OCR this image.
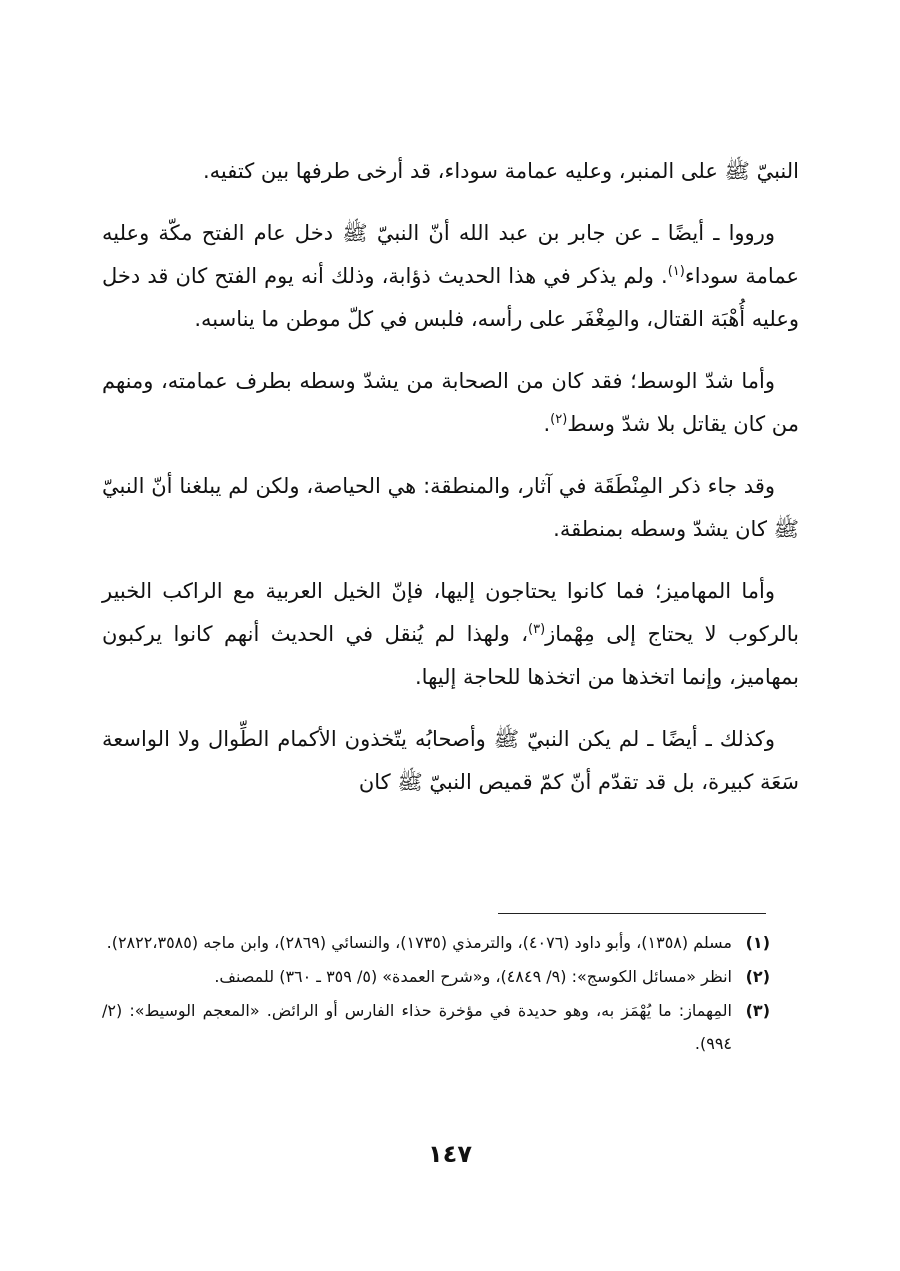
النبيّ ﷺ على المنبر، وعليه عمامة سوداء، قد أرخى طرفها بين كتفيه.

ورووا ـ أيضًا ـ عن جابر بن عبد الله أنّ النبيّ ﷺ دخل عام الفتح مكّة وعليه عمامة سوداء$^{(١)}$. ولم يذكر في هذا الحديث ذؤابة، وذلك أنه يوم الفتح كان قد دخل وعليه أُهْبَة القتال، والمِغْفَر على رأسه، فلبس في كلّ موطن ما يناسبه.

وأما شدّ الوسط؛ فقد كان من الصحابة من يشدّ وسطه بطرف عمامته، ومنهم من كان يقاتل بلا شدّ وسط$^{(٢)}$.

وقد جاء ذكر المِنْطَقَة في آثار، والمنطقة: هي الحياصة، ولكن لم يبلغنا أنّ النبيّ ﷺ كان يشدّ وسطه بمنطقة.

وأما المهاميز؛ فما كانوا يحتاجون إليها، فإنّ الخيل العربية مع الراكب الخبير بالركوب لا يحتاج إلى مِهْماز$^{(٣)}$، ولهذا لم يُنقل في الحديث أنهم كانوا يركبون بمهاميز، وإنما اتخذها من اتخذها للحاجة إليها.

وكذلك ـ أيضًا ـ لم يكن النبيّ ﷺ وأصحابُه يتّخذون الأكمام الطِّوال ولا الواسعة سَعَة كبيرة، بل قد تقدّم أنّ كمّ قميص النبيّ ﷺ كان

(١)
مسلم (١٣٥٨)، وأبو داود (٤٠٧٦)، والترمذي (١٧٣٥)، والنسائي (٢٨٦٩)، وابن ماجه (٢٨٢٢،٣٥٨٥).
(٢)
انظر «مسائل الكوسج»: (٩/ ٤٨٤٩)، و«شرح العمدة» (٥/ ٣٥٩ ـ ٣٦٠) للمصنف.
(٣)
المِهماز: ما يُهْمَز به، وهو حديدة في مؤخرة حذاء الفارس أو الرائض. «المعجم الوسيط»: (٢/ ٩٩٤).
١٤٧
